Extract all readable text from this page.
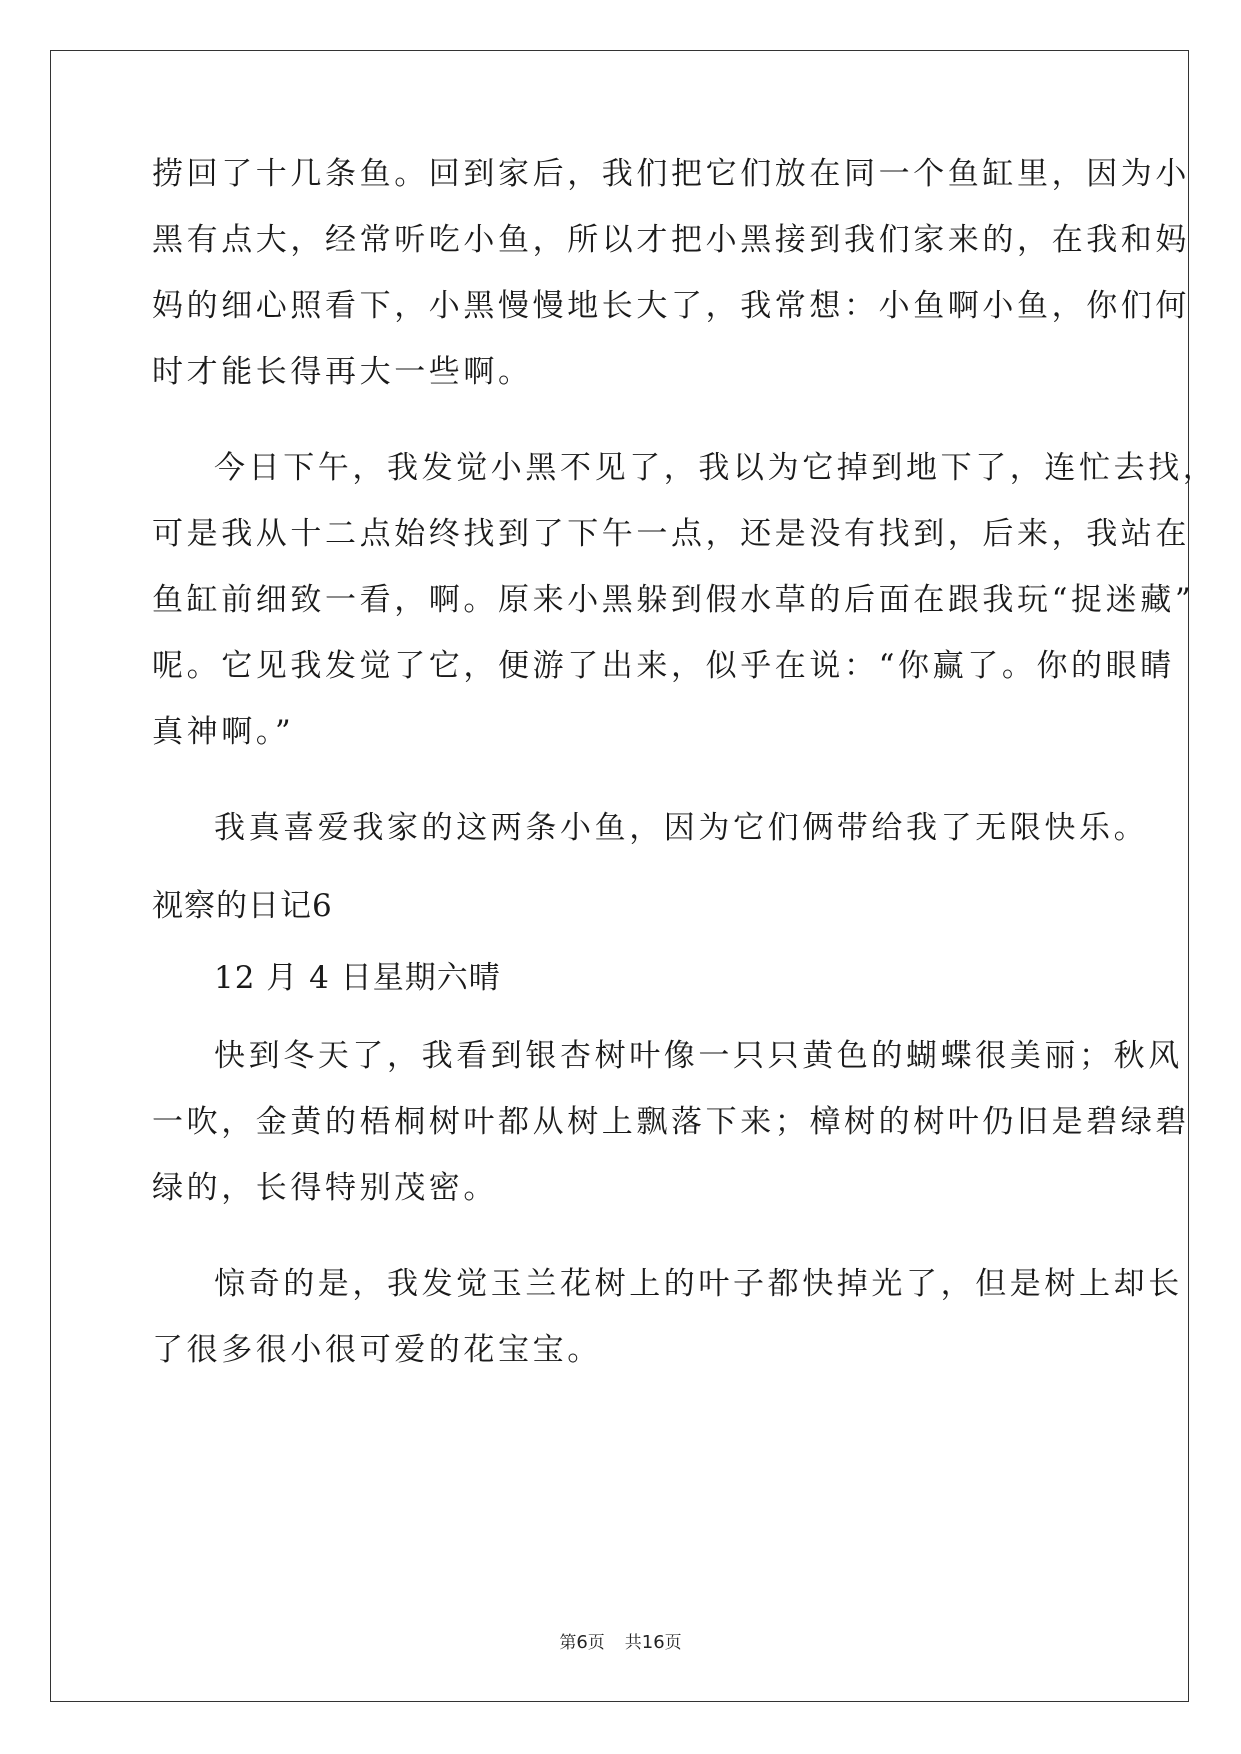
捞回了十几条鱼。回到家后，我们把它们放在同一个鱼缸里，因为小
黑有点大，经常听吃小鱼，所以才把小黑接到我们家来的，在我和妈
妈的细心照看下，小黑慢慢地长大了，我常想：小鱼啊小鱼，你们何
时才能长得再大一些啊。
今日下午，我发觉小黑不见了，我以为它掉到地下了，连忙去找，
可是我从十二点始终找到了下午一点，还是没有找到，后来，我站在
鱼缸前细致一看，啊。原来小黑躲到假水草的后面在跟我玩“捉迷藏”
呢。它见我发觉了它，便游了出来，似乎在说：“你赢了。你的眼睛
真神啊。”
我真喜爱我家的这两条小鱼，因为它们俩带给我了无限快乐。
视察的日记6
12 月 4 日星期六晴
快到冬天了，我看到银杏树叶像一只只黄色的蝴蝶很美丽；秋风
一吹，金黄的梧桐树叶都从树上飘落下来；樟树的树叶仍旧是碧绿碧
绿的，长得特别茂密。
惊奇的是，我发觉玉兰花树上的叶子都快掉光了，但是树上却长
了很多很小很可爱的花宝宝。
第6页 共16页
